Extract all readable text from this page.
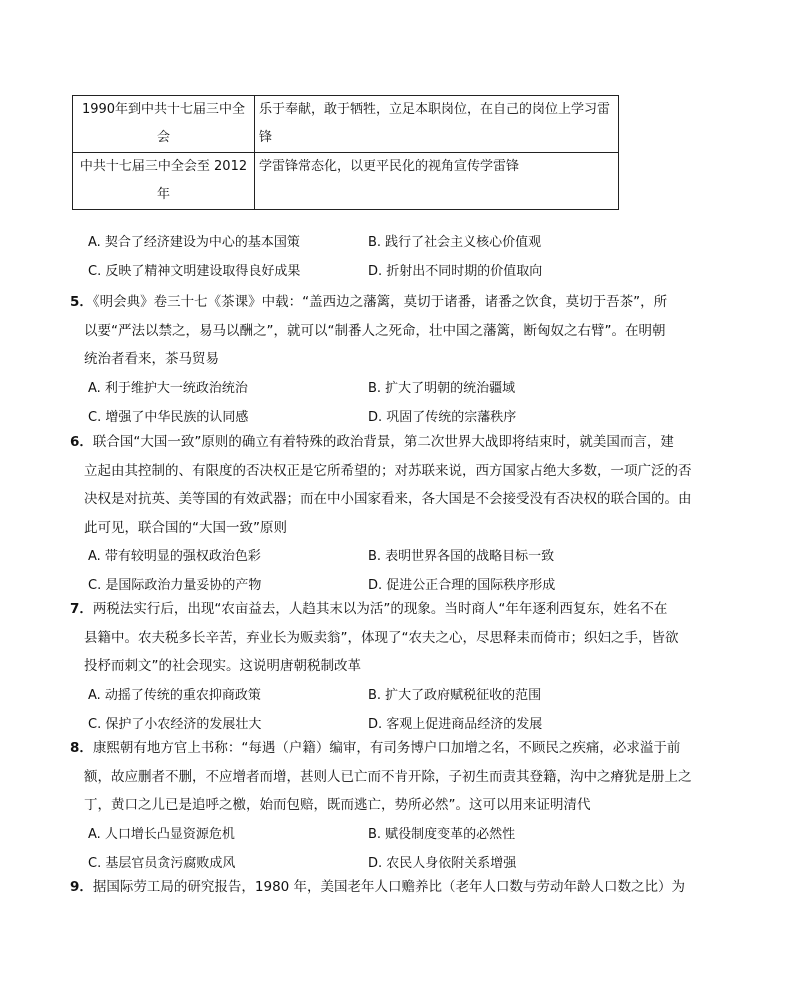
1990年到中共十七届三中全会	乐于奉献，敢于牺牲，立足本职岗位，在自己的岗位上学习雷锋
中共十七届三中全会至 2012 年	学雷锋常态化，以更平民化的视角宣传学雷锋
A. 契合了经济建设为中心的基本国策	B. 践行了社会主义核心价值观
C. 反映了精神文明建设取得良好成果	D. 折射出不同时期的价值取向
5．《明会典》卷三十七《茶课》中载：“盖西边之藩篱，莫切于诸番，诸番之饮食，莫切于吾茶”，所
以要“严法以禁之，易马以酬之”，就可以“制番人之死命，壮中国之藩篱，断匈奴之右臂”。在明朝
统治者看来，茶马贸易
A. 利于维护大一统政治统治	B. 扩大了明朝的统治疆域
C. 增强了中华民族的认同感	D. 巩固了传统的宗藩秩序
6．联合国“大国一致”原则的确立有着特殊的政治背景，第二次世界大战即将结束时，就美国而言，建
立起由其控制的、有限度的否决权正是它所希望的；对苏联来说，西方国家占绝大多数，一项广泛的否
决权是对抗英、美等国的有效武器；而在中小国家看来，各大国是不会接受没有否决权的联合国的。由
此可见，联合国的“大国一致”原则
A. 带有较明显的强权政治色彩	B. 表明世界各国的战略目标一致
C. 是国际政治力量妥协的产物	D. 促进公正合理的国际秩序形成
7．两税法实行后，出现“农亩益去，人趋其末以为活”的现象。当时商人“年年逐利西复东，姓名不在
县籍中。农夫税多长辛苦，弃业长为贩卖翁”，体现了“农夫之心，尽思释耒而倚市；织妇之手，皆欲
投杼而刺文”的社会现实。这说明唐朝税制改革
A. 动摇了传统的重农抑商政策	B. 扩大了政府赋税征收的范围
C. 保护了小农经济的发展壮大	D. 客观上促进商品经济的发展
8．康熙朝有地方官上书称：“每遇（户籍）编审，有司务博户口加增之名，不顾民之疾痛，必求溢于前
额，故应删者不删，不应增者而增，甚则人已亡而不肯开除，子初生而责其登籍，沟中之瘠犹是册上之
丁，黄口之儿已是追呼之檄，始而包赔，既而逃亡，势所必然”。这可以用来证明清代
A. 人口增长凸显资源危机	B. 赋役制度变革的必然性
C. 基层官员贪污腐败成风	D. 农民人身依附关系增强
9．据国际劳工局的研究报告，1980 年，美国老年人口赡养比（老年人口数与劳动年龄人口数之比）为
